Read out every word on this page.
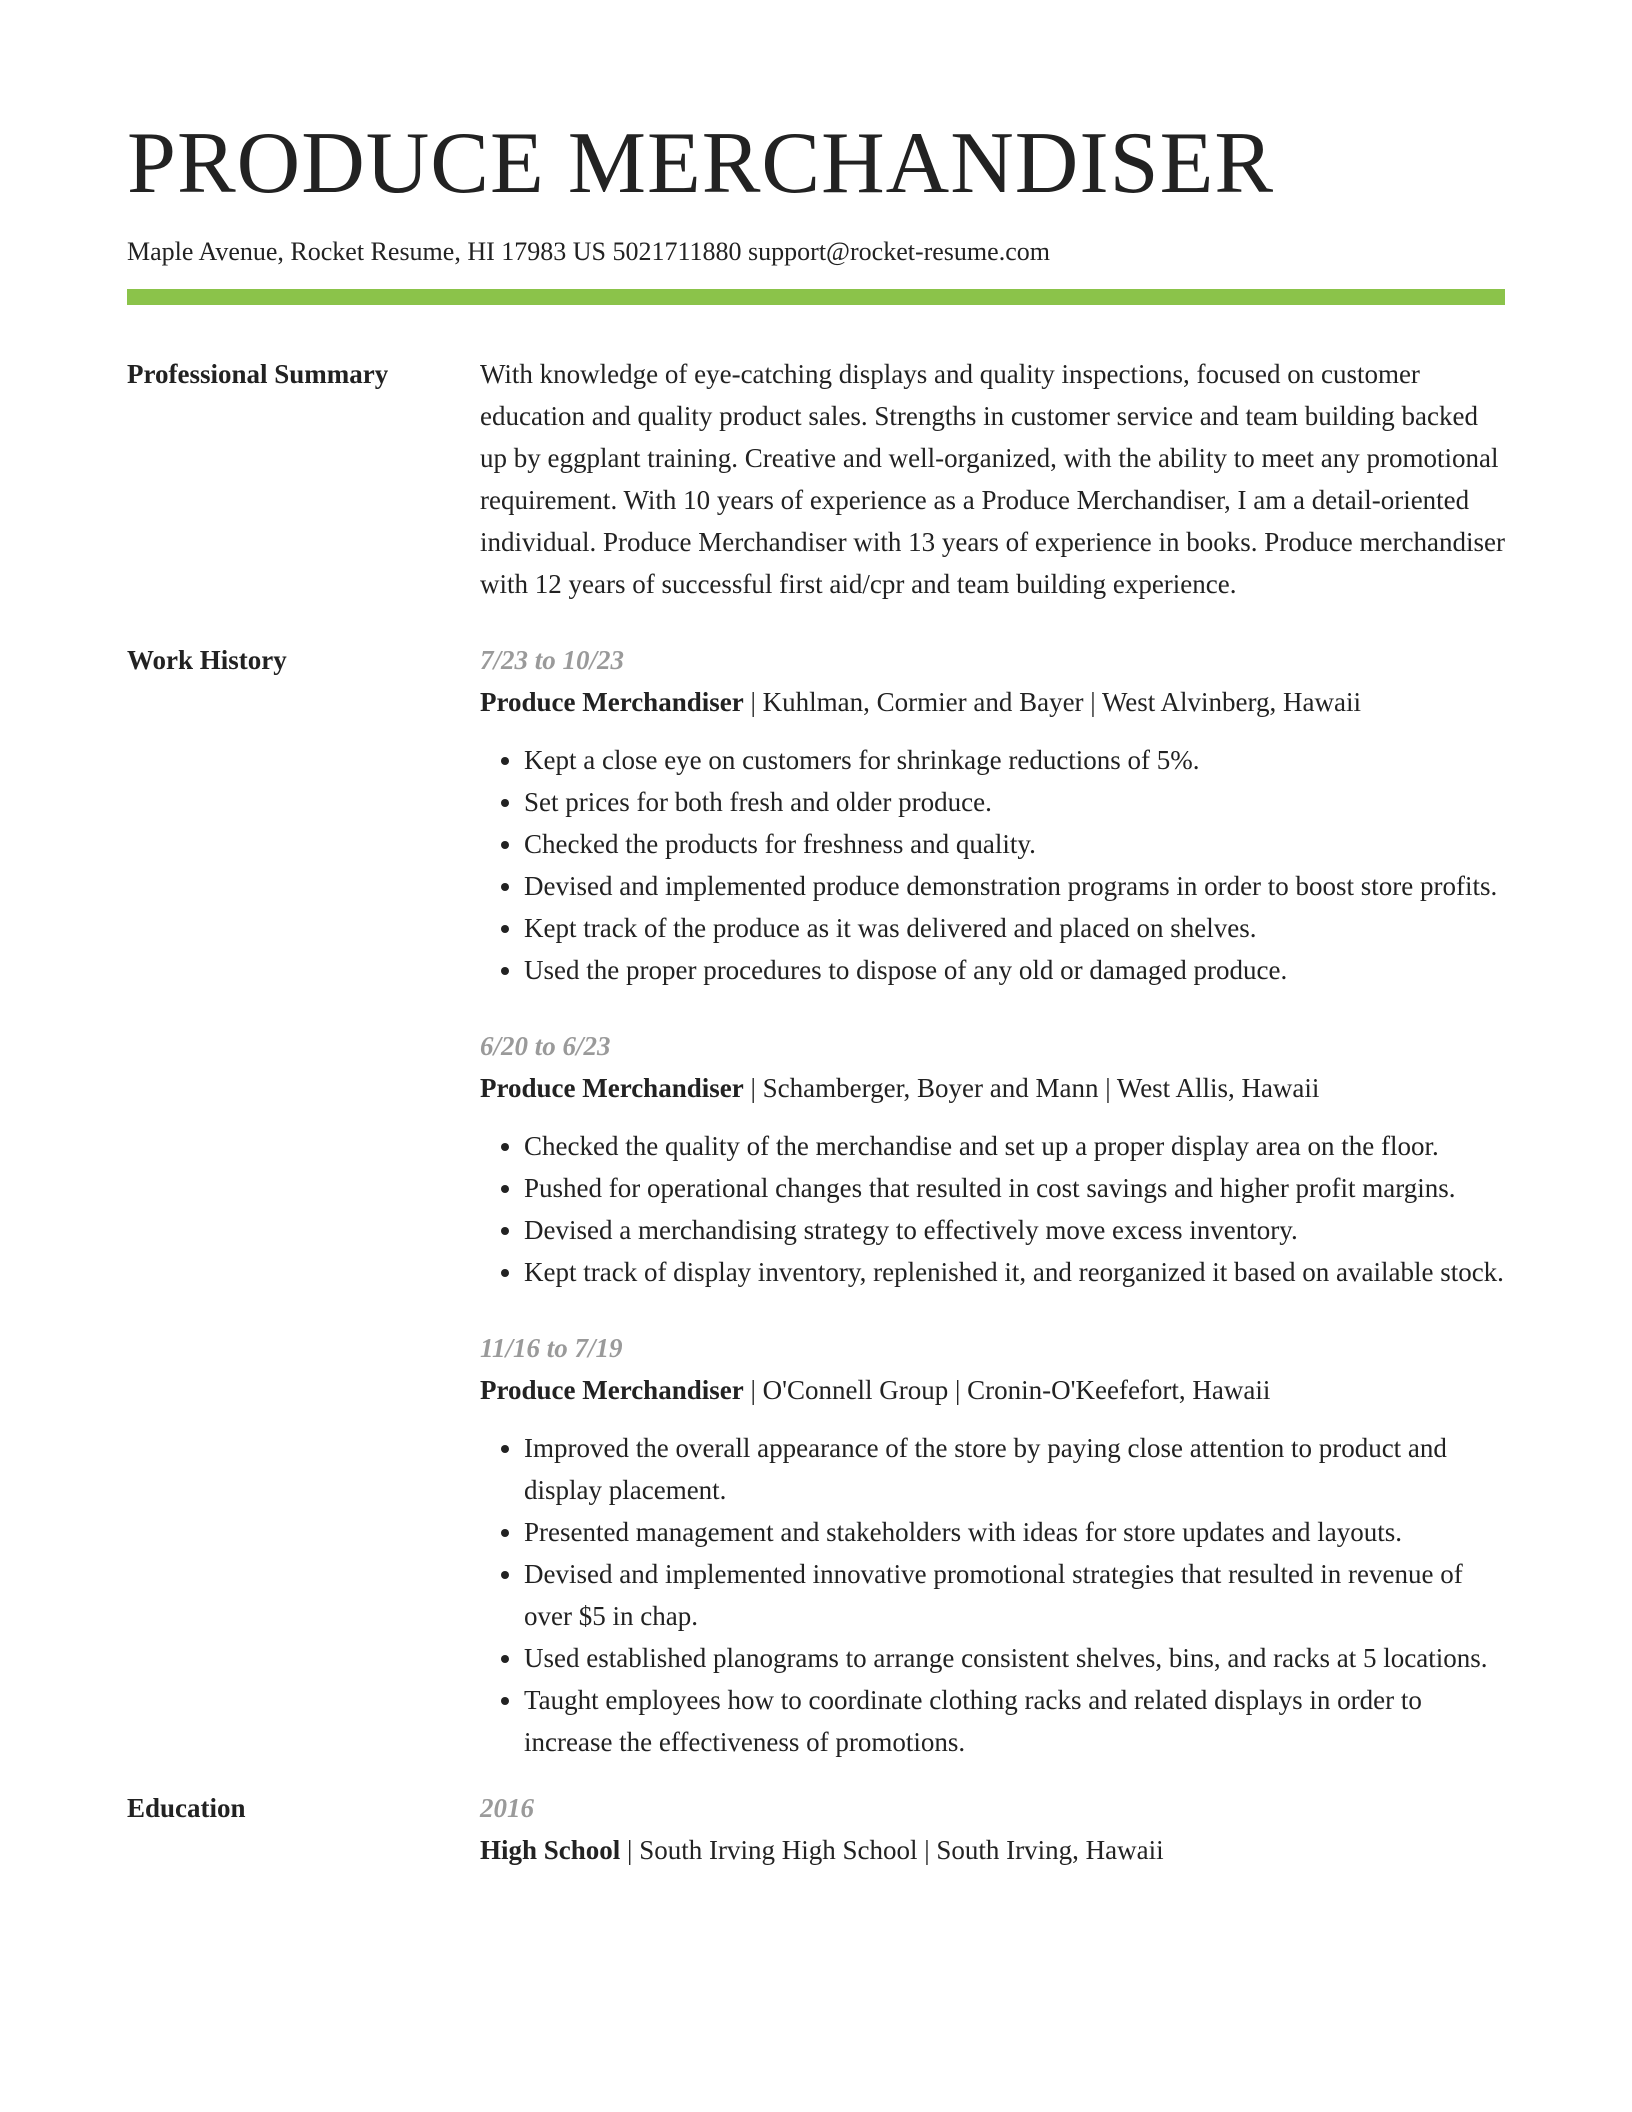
PRODUCE MERCHANDISER
Maple Avenue, Rocket Resume, HI 17983 US 5021711880 support@rocket-resume.com
Professional Summary	With knowledge of eye-catching displays and quality inspections, focused on customer education and quality product sales. Strengths in customer service and team building backed up by eggplant training. Creative and well-organized, with the ability to meet any promotional requirement. With 10 years of experience as a Produce Merchandiser, I am a detail-oriented individual. Produce Merchandiser with 13 years of experience in books. Produce merchandiser with 12 years of successful first aid/cpr and team building experience.
Work History	7/23 to 10/23
Produce Merchandiser | Kuhlman, Cormier and Bayer | West Alvinberg, Hawaii
• Kept a close eye on customers for shrinkage reductions of 5%.
• Set prices for both fresh and older produce.
• Checked the products for freshness and quality.
• Devised and implemented produce demonstration programs in order to boost store profits.
• Kept track of the produce as it was delivered and placed on shelves.
• Used the proper procedures to dispose of any old or damaged produce.
6/20 to 6/23
Produce Merchandiser | Schamberger, Boyer and Mann | West Allis, Hawaii
• Checked the quality of the merchandise and set up a proper display area on the floor.
• Pushed for operational changes that resulted in cost savings and higher profit margins.
• Devised a merchandising strategy to effectively move excess inventory.
• Kept track of display inventory, replenished it, and reorganized it based on available stock.
11/16 to 7/19
Produce Merchandiser | O'Connell Group | Cronin-O'Keefefort, Hawaii
• Improved the overall appearance of the store by paying close attention to product and display placement.
• Presented management and stakeholders with ideas for store updates and layouts.
• Devised and implemented innovative promotional strategies that resulted in revenue of over $5 in chap.
• Used established planograms to arrange consistent shelves, bins, and racks at 5 locations.
• Taught employees how to coordinate clothing racks and related displays in order to increase the effectiveness of promotions.
Education	2016
High School | South Irving High School | South Irving, Hawaii
